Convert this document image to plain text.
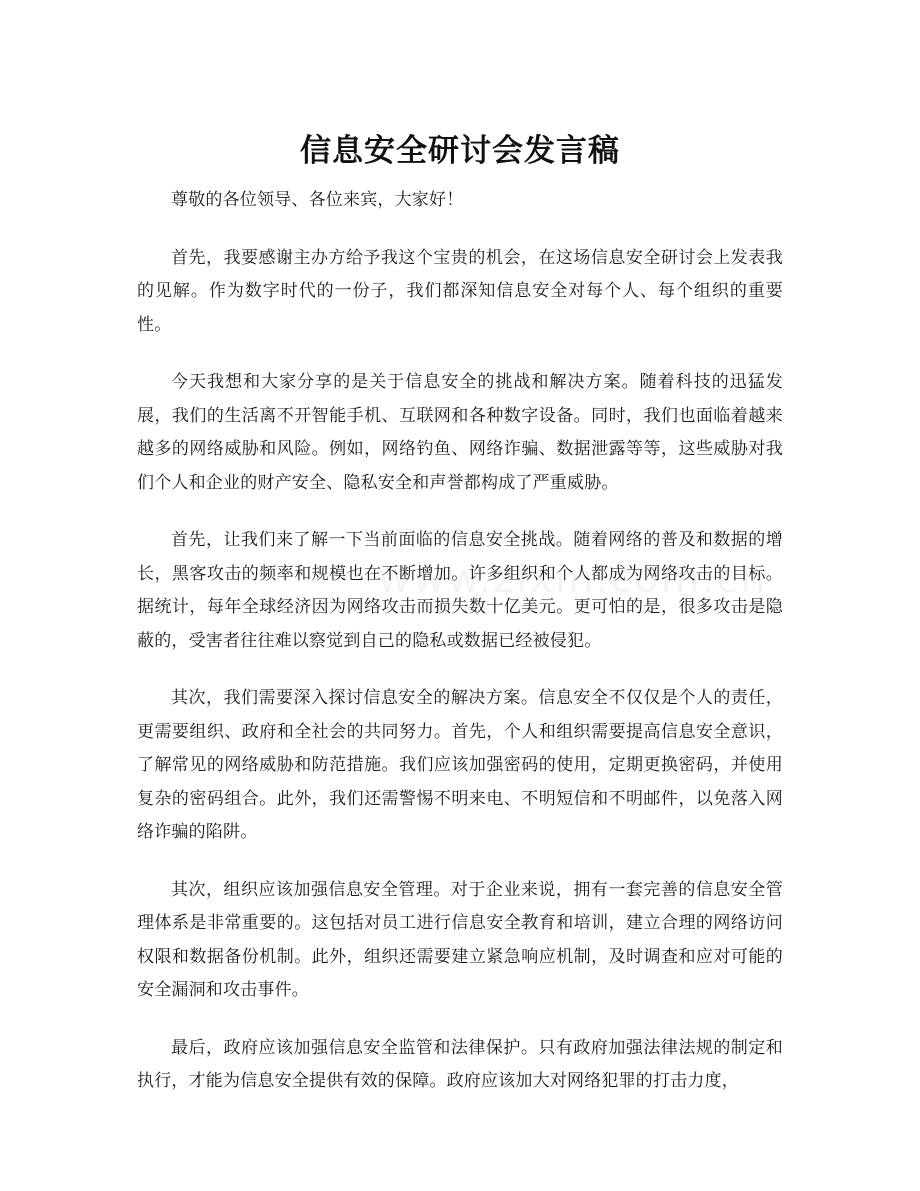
信息安全研讨会发言稿

尊敬的各位领导、各位来宾，大家好！

首先，我要感谢主办方给予我这个宝贵的机会，在这场信息安全研讨会上发表我的见解。作为数字时代的一份子，我们都深知信息安全对每个人、每个组织的重要性。

今天我想和大家分享的是关于信息安全的挑战和解决方案。随着科技的迅猛发展，我们的生活离不开智能手机、互联网和各种数字设备。同时，我们也面临着越来越多的网络威胁和风险。例如，网络钓鱼、网络诈骗、数据泄露等等，这些威胁对我们个人和企业的财产安全、隐私安全和声誉都构成了严重威胁。

首先，让我们来了解一下当前面临的信息安全挑战。随着网络的普及和数据的增长，黑客攻击的频率和规模也在不断增加。许多组织和个人都成为网络攻击的目标。据统计，每年全球经济因为网络攻击而损失数十亿美元。更可怕的是，很多攻击是隐蔽的，受害者往往难以察觉到自己的隐私或数据已经被侵犯。

其次，我们需要深入探讨信息安全的解决方案。信息安全不仅仅是个人的责任，更需要组织、政府和全社会的共同努力。首先，个人和组织需要提高信息安全意识，了解常见的网络威胁和防范措施。我们应该加强密码的使用，定期更换密码，并使用复杂的密码组合。此外，我们还需警惕不明来电、不明短信和不明邮件，以免落入网络诈骗的陷阱。

其次，组织应该加强信息安全管理。对于企业来说，拥有一套完善的信息安全管理体系是非常重要的。这包括对员工进行信息安全教育和培训，建立合理的网络访问权限和数据备份机制。此外，组织还需要建立紧急响应机制，及时调查和应对可能的安全漏洞和攻击事件。

最后，政府应该加强信息安全监管和法律保护。只有政府加强法律法规的制定和执行，才能为信息安全提供有效的保障。政府应该加大对网络犯罪的打击力度，
